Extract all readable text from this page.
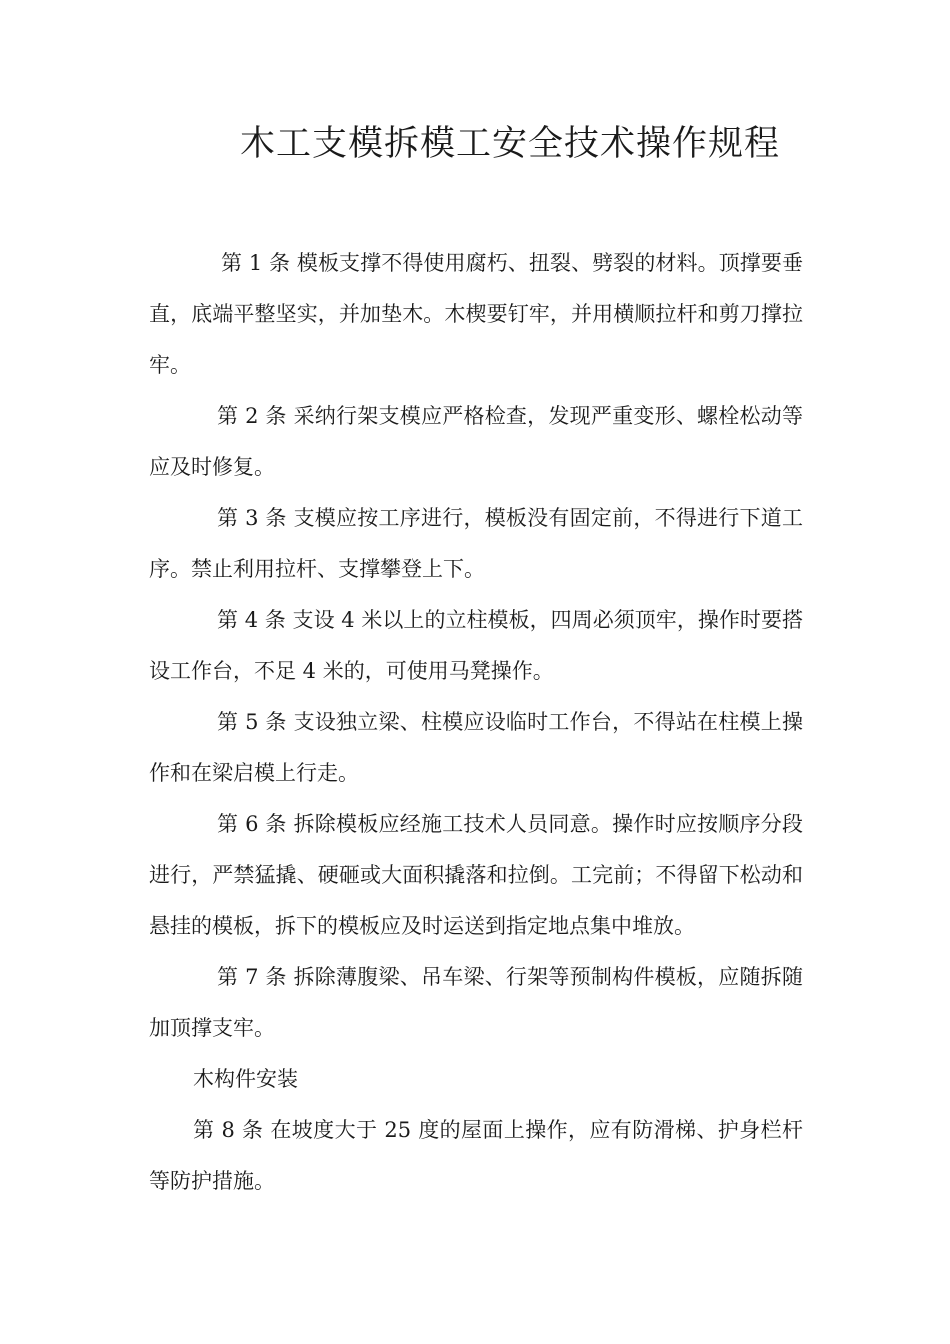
木工支模拆模工安全技术操作规程

第 1 条 模板支撑不得使用腐朽、扭裂、劈裂的材料。顶撑要垂直，底端平整坚实，并加垫木。木楔要钉牢，并用横顺拉杆和剪刀撑拉牢。

第 2 条 采纳行架支模应严格检查，发现严重变形、螺栓松动等应及时修复。

第 3 条 支模应按工序进行，模板没有固定前，不得进行下道工序。禁止利用拉杆、支撑攀登上下。

第 4 条 支设 4 米以上的立柱模板，四周必须顶牢，操作时要搭设工作台，不足 4 米的，可使用马凳操作。

第 5 条 支设独立梁、柱模应设临时工作台，不得站在柱模上操作和在梁启模上行走。

第 6 条 拆除模板应经施工技术人员同意。操作时应按顺序分段进行，严禁猛撬、硬砸或大面积撬落和拉倒。工完前；不得留下松动和悬挂的模板，拆下的模板应及时运送到指定地点集中堆放。

第 7 条 拆除薄腹梁、吊车梁、行架等预制构件模板，应随拆随加顶撑支牢。

木构件安装

第 8 条 在坡度大于 25 度的屋面上操作，应有防滑梯、护身栏杆等防护措施。
